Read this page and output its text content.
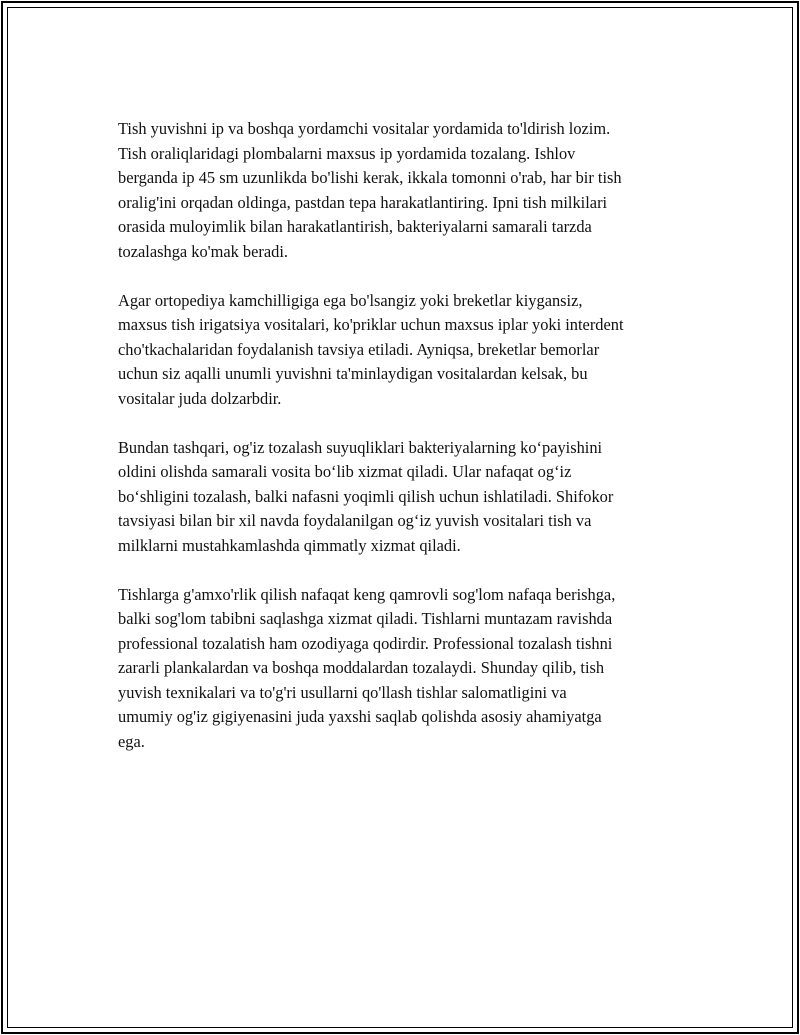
Tish yuvishni ip va boshqa yordamchi vositalar yordamida to'ldirish lozim.
Tish oraliqlaridagi plombalarni maxsus ip yordamida tozalang. Ishlov
berganda ip 45 sm uzunlikda bo'lishi kerak, ikkala tomonni o'rab, har bir tish
oralig'ini orqadan oldinga, pastdan tepa harakatlantiring. Ipni tish milkilari
orasida muloyimlik bilan harakatlantirish, bakteriyalarni samarali tarzda
tozalashga ko'mak beradi.

Agar ortopediya kamchilligiga ega bo'lsangiz yoki breketlar kiygansiz,
maxsus tish irigatsiya vositalari, ko'priklar uchun maxsus iplar yoki interdent
cho'tkachalaridan foydalanish tavsiya etiladi. Ayniqsa, breketlar bemorlar
uchun siz aqalli unumli yuvishni ta'minlaydigan vositalardan kelsak, bu
vositalar juda dolzarbdir.

Bundan tashqari, og'iz tozalash suyuqliklari bakteriyalarning ko‘payishini
oldini olishda samarali vosita bo‘lib xizmat qiladi. Ular nafaqat og‘iz
bo‘shligini tozalash, balki nafasni yoqimli qilish uchun ishlatiladi. Shifokor
tavsiyasi bilan bir xil navda foydalanilgan og‘iz yuvish vositalari tish va
milklarni mustahkamlashda qimmatly xizmat qiladi.

Tishlarga g'amxo'rlik qilish nafaqat keng qamrovli sog'lom nafaqa berishga,
balki sog'lom tabibni saqlashga xizmat qiladi. Tishlarni muntazam ravishda
professional tozalatish ham ozodiyaga qodirdir. Professional tozalash tishni
zararli plankalardan va boshqa moddalardan tozalaydi. Shunday qilib, tish
yuvish texnikalari va to'g'ri usullarni qo'llash tishlar salomatligini va
umumiy og'iz gigiyenasini juda yaxshi saqlab qolishda asosiy ahamiyatga
ega.
